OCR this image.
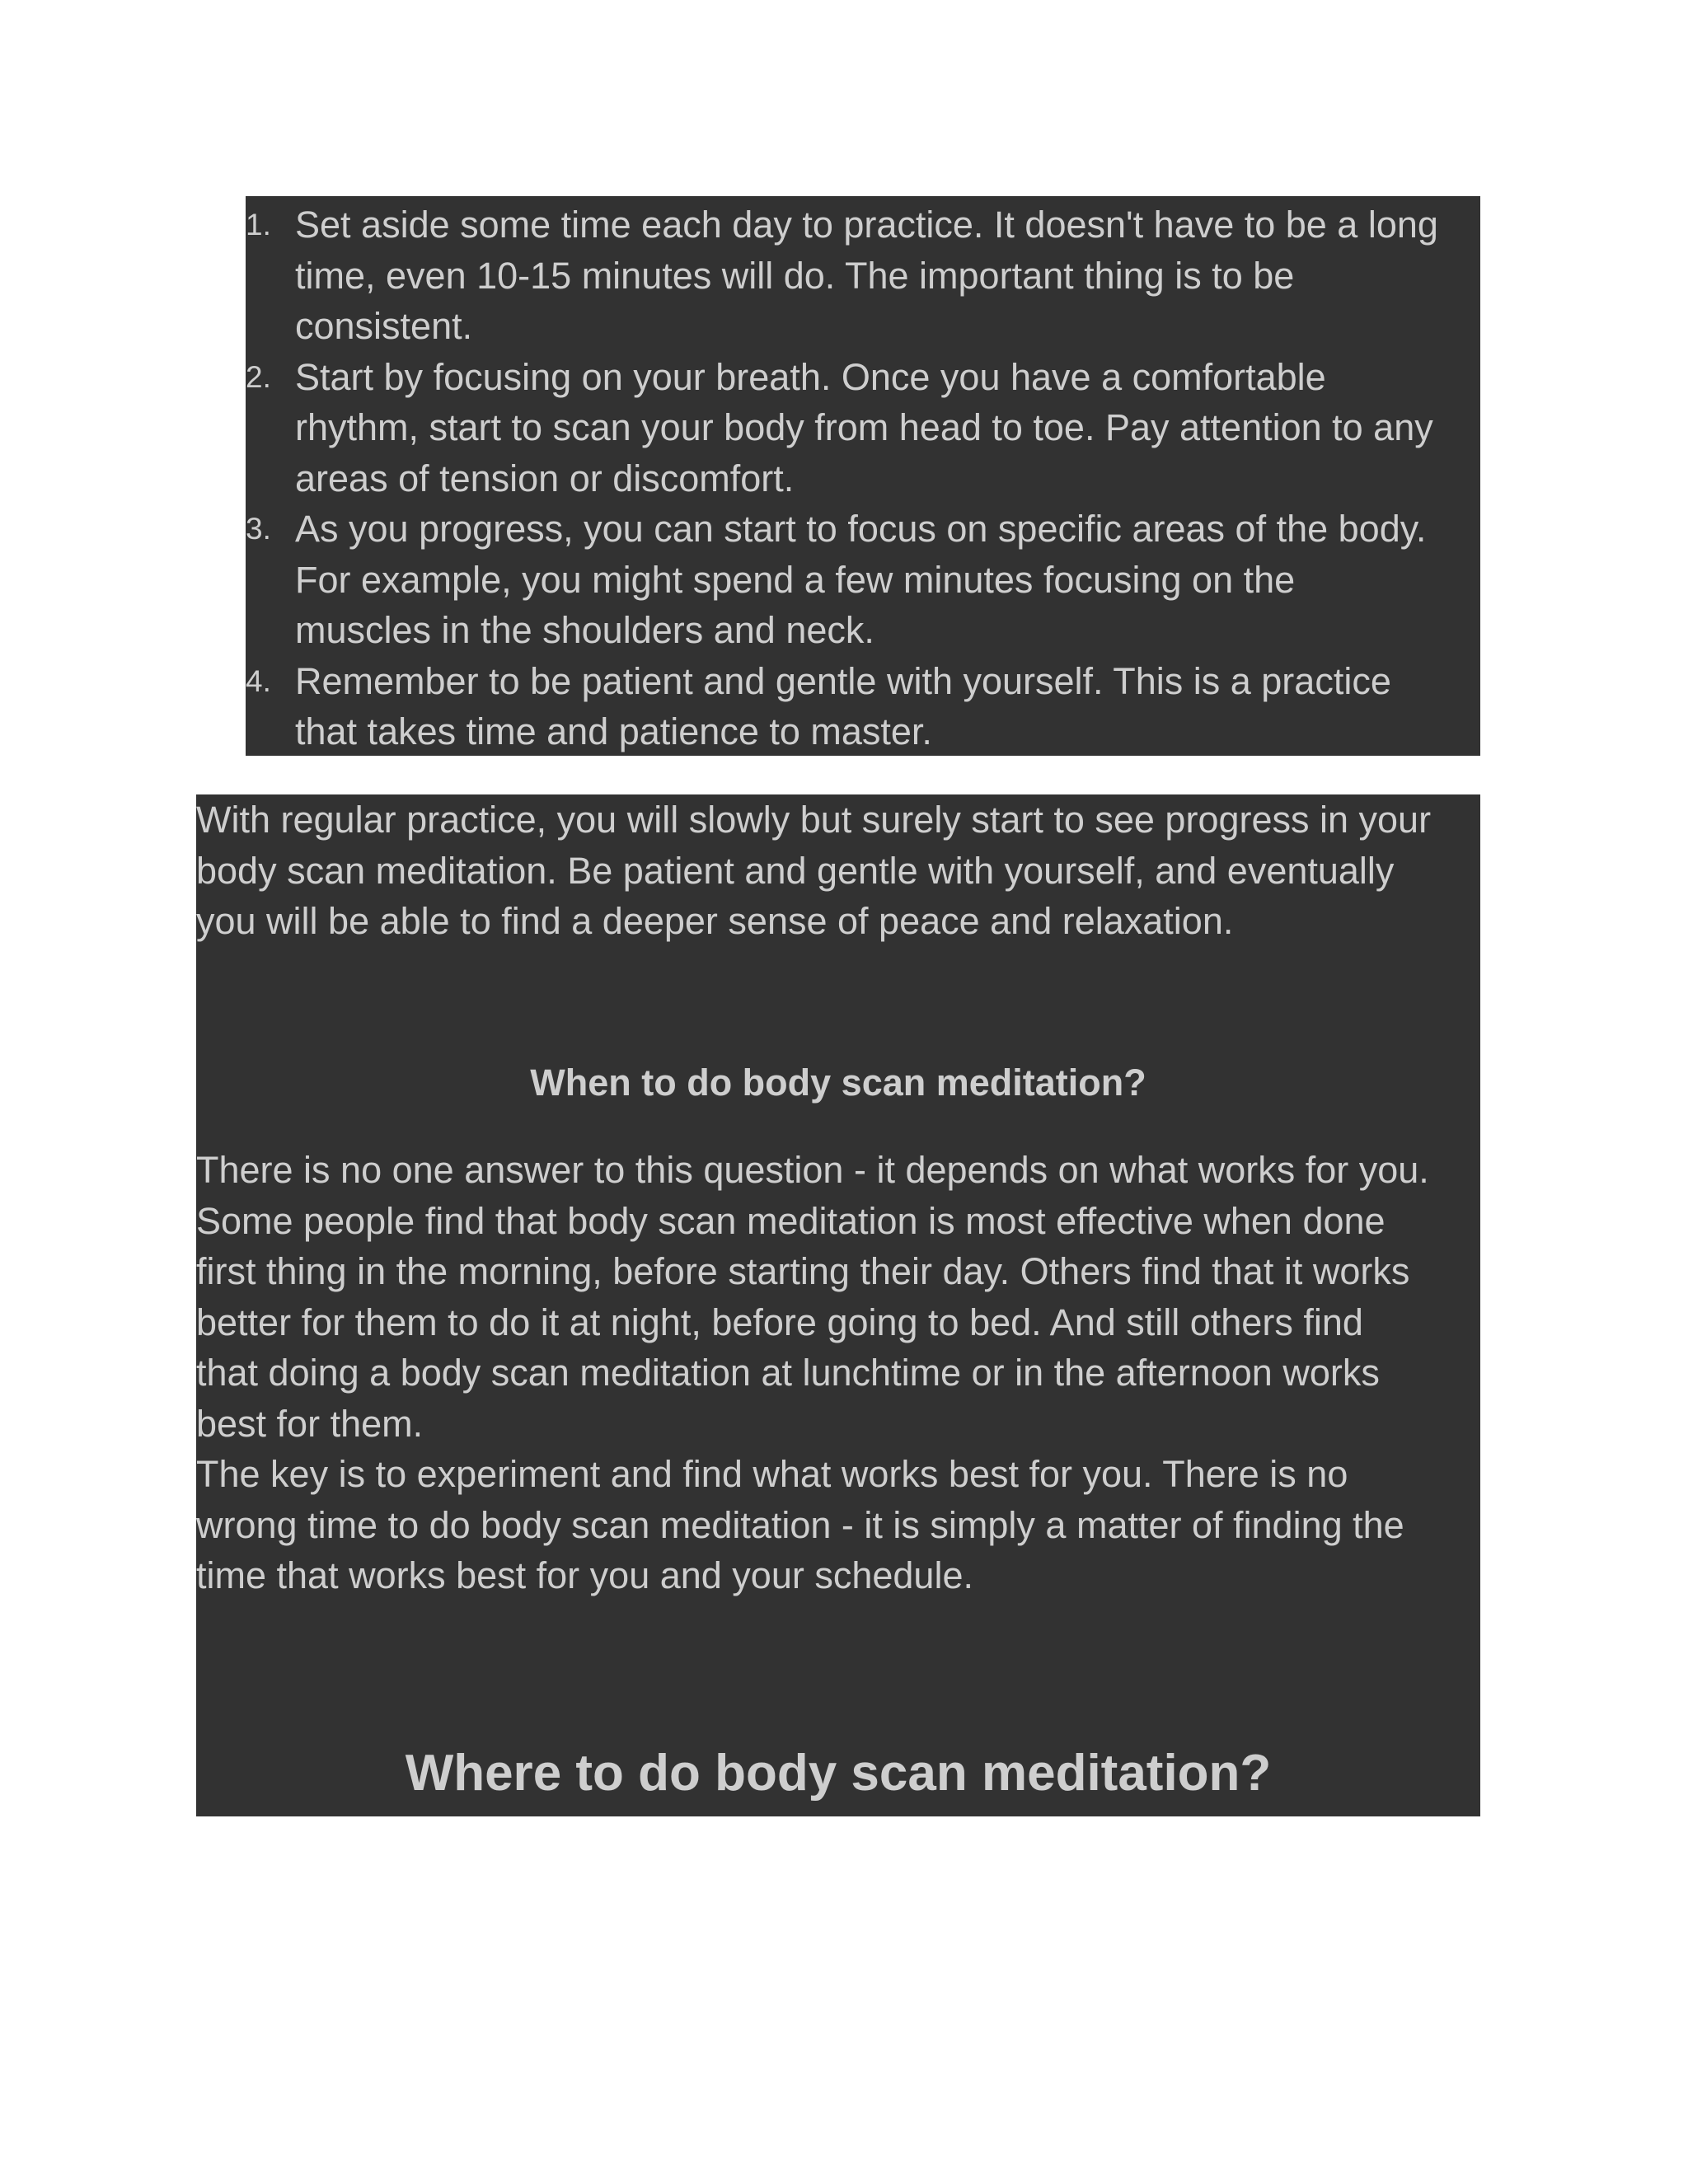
1. Set aside some time each day to practice. It doesn't have to be a long
time, even 10-15 minutes will do. The important thing is to be
consistent.
2. Start by focusing on your breath. Once you have a comfortable
rhythm, start to scan your body from head to toe. Pay attention to any
areas of tension or discomfort.
3. As you progress, you can start to focus on specific areas of the body.
For example, you might spend a few minutes focusing on the
muscles in the shoulders and neck.
4. Remember to be patient and gentle with yourself. This is a practice
that takes time and patience to master.

With regular practice, you will slowly but surely start to see progress in your
body scan meditation. Be patient and gentle with yourself, and eventually
you will be able to find a deeper sense of peace and relaxation.

When to do body scan meditation?

There is no one answer to this question - it depends on what works for you.
Some people find that body scan meditation is most effective when done
first thing in the morning, before starting their day. Others find that it works
better for them to do it at night, before going to bed. And still others find
that doing a body scan meditation at lunchtime or in the afternoon works
best for them.

The key is to experiment and find what works best for you. There is no
wrong time to do body scan meditation - it is simply a matter of finding the
time that works best for you and your schedule.

Where to do body scan meditation?
